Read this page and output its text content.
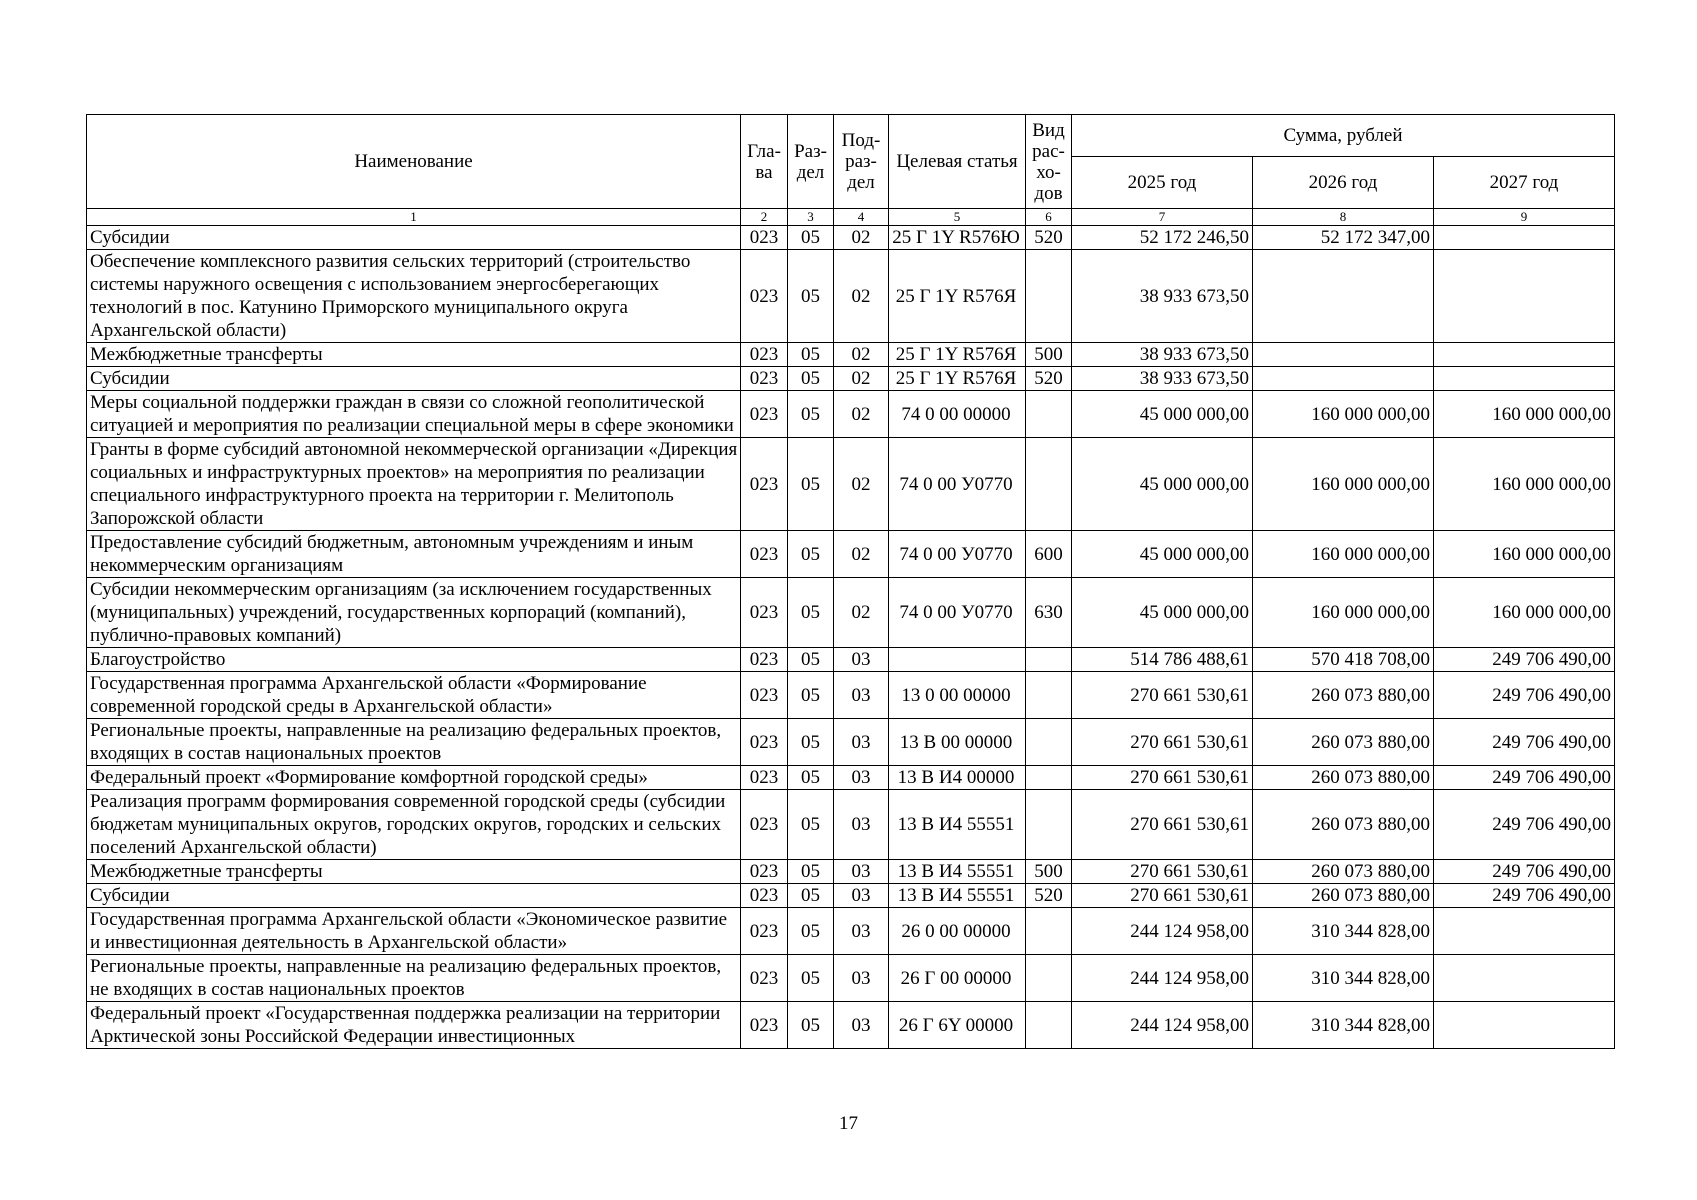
Наименование	Гла-ва	Раз-дел	Под-раз-дел	Целевая статья	Вид рас-хо-дов	Сумма, рублей		
						2025 год	2026 год	2027 год
1	2	3	4	5	6	7	8	9
Субсидии	023	05	02	25 Г 1Y R576Ю	520	52 172 246,50	52 172 347,00	
Обеспечение комплексного развития сельских территорий (строительство системы наружного освещения с использованием энергосберегающих технологий в пос. Катунино Приморского муниципального округа Архангельской области)	023	05	02	25 Г 1Y R576Я		38 933 673,50		
Межбюджетные трансферты	023	05	02	25 Г 1Y R576Я	500	38 933 673,50		
Субсидии	023	05	02	25 Г 1Y R576Я	520	38 933 673,50		
Меры социальной поддержки граждан в связи со сложной геополитической ситуацией и мероприятия по реализации специальной меры в сфере экономики	023	05	02	74 0 00 00000		45 000 000,00	160 000 000,00	160 000 000,00
Гранты в форме субсидий автономной некоммерческой организации «Дирекция социальных и инфраструктурных проектов» на мероприятия по реализации специального инфраструктурного проекта на территории г. Мелитополь Запорожской области	023	05	02	74 0 00 У0770		45 000 000,00	160 000 000,00	160 000 000,00
Предоставление субсидий бюджетным, автономным учреждениям и иным некоммерческим организациям	023	05	02	74 0 00 У0770	600	45 000 000,00	160 000 000,00	160 000 000,00
Субсидии некоммерческим организациям (за исключением государственных (муниципальных) учреждений, государственных корпораций (компаний), публично-правовых компаний)	023	05	02	74 0 00 У0770	630	45 000 000,00	160 000 000,00	160 000 000,00
Благоустройство	023	05	03			514 786 488,61	570 418 708,00	249 706 490,00
Государственная программа Архангельской области «Формирование современной городской среды в Архангельской области»	023	05	03	13 0 00 00000		270 661 530,61	260 073 880,00	249 706 490,00
Региональные проекты, направленные на реализацию федеральных проектов, входящих в состав национальных проектов	023	05	03	13 В 00 00000		270 661 530,61	260 073 880,00	249 706 490,00
Федеральный проект «Формирование комфортной городской среды»	023	05	03	13 В И4 00000		270 661 530,61	260 073 880,00	249 706 490,00
Реализация программ формирования современной городской среды (субсидии бюджетам муниципальных округов, городских округов, городских и сельских поселений Архангельской области)	023	05	03	13 В И4 55551		270 661 530,61	260 073 880,00	249 706 490,00
Межбюджетные трансферты	023	05	03	13 В И4 55551	500	270 661 530,61	260 073 880,00	249 706 490,00
Субсидии	023	05	03	13 В И4 55551	520	270 661 530,61	260 073 880,00	249 706 490,00
Государственная программа Архангельской области «Экономическое развитие и инвестиционная деятельность в Архангельской области»	023	05	03	26 0 00 00000		244 124 958,00	310 344 828,00	
Региональные проекты, направленные на реализацию федеральных проектов, не входящих в состав национальных проектов	023	05	03	26 Г 00 00000		244 124 958,00	310 344 828,00	
Федеральный проект «Государственная поддержка реализации на территории Арктической зоны Российской Федерации инвестиционных	023	05	03	26 Г 6Y 00000		244 124 958,00	310 344 828,00	
17
